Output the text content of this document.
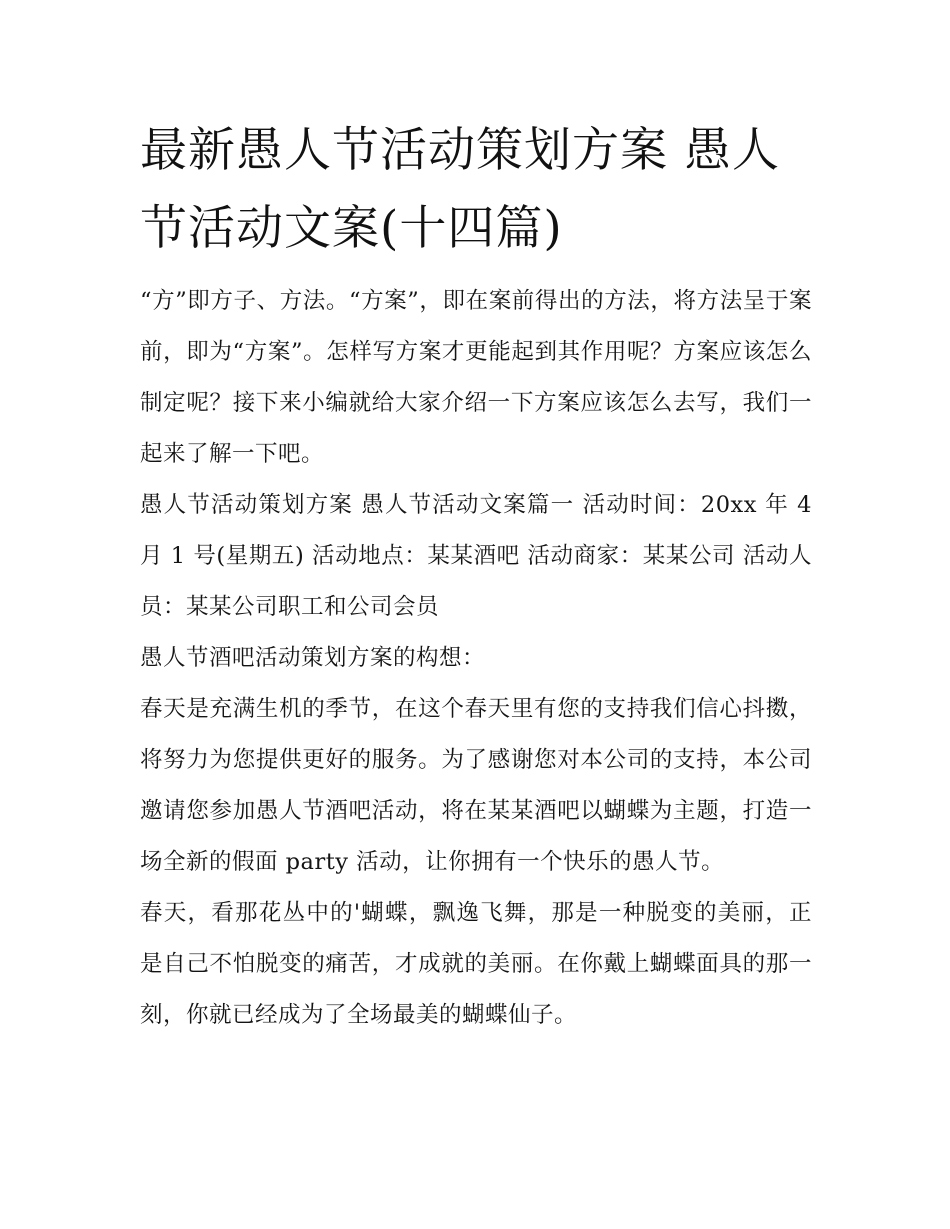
最新愚人节活动策划方案 愚人节活动文案(十四篇)

“方”即方子、方法。“方案”，即在案前得出的方法，将方法呈于案前，即为“方案”。怎样写方案才更能起到其作用呢？方案应该怎么制定呢？接下来小编就给大家介绍一下方案应该怎么去写，我们一起来了解一下吧。

愚人节活动策划方案 愚人节活动文案篇一 活动时间：20xx 年 4 月 1 号(星期五) 活动地点：某某酒吧 活动商家：某某公司 活动人员：某某公司职工和公司会员

愚人节酒吧活动策划方案的构想：

春天是充满生机的季节，在这个春天里有您的支持我们信心抖擞，将努力为您提供更好的服务。为了感谢您对本公司的支持，本公司邀请您参加愚人节酒吧活动，将在某某酒吧以蝴蝶为主题，打造一场全新的假面 party 活动，让你拥有一个快乐的愚人节。

春天，看那花丛中的'蝴蝶，飘逸飞舞，那是一种脱变的美丽，正是自己不怕脱变的痛苦，才成就的美丽。在你戴上蝴蝶面具的那一刻，你就已经成为了全场最美的蝴蝶仙子。
